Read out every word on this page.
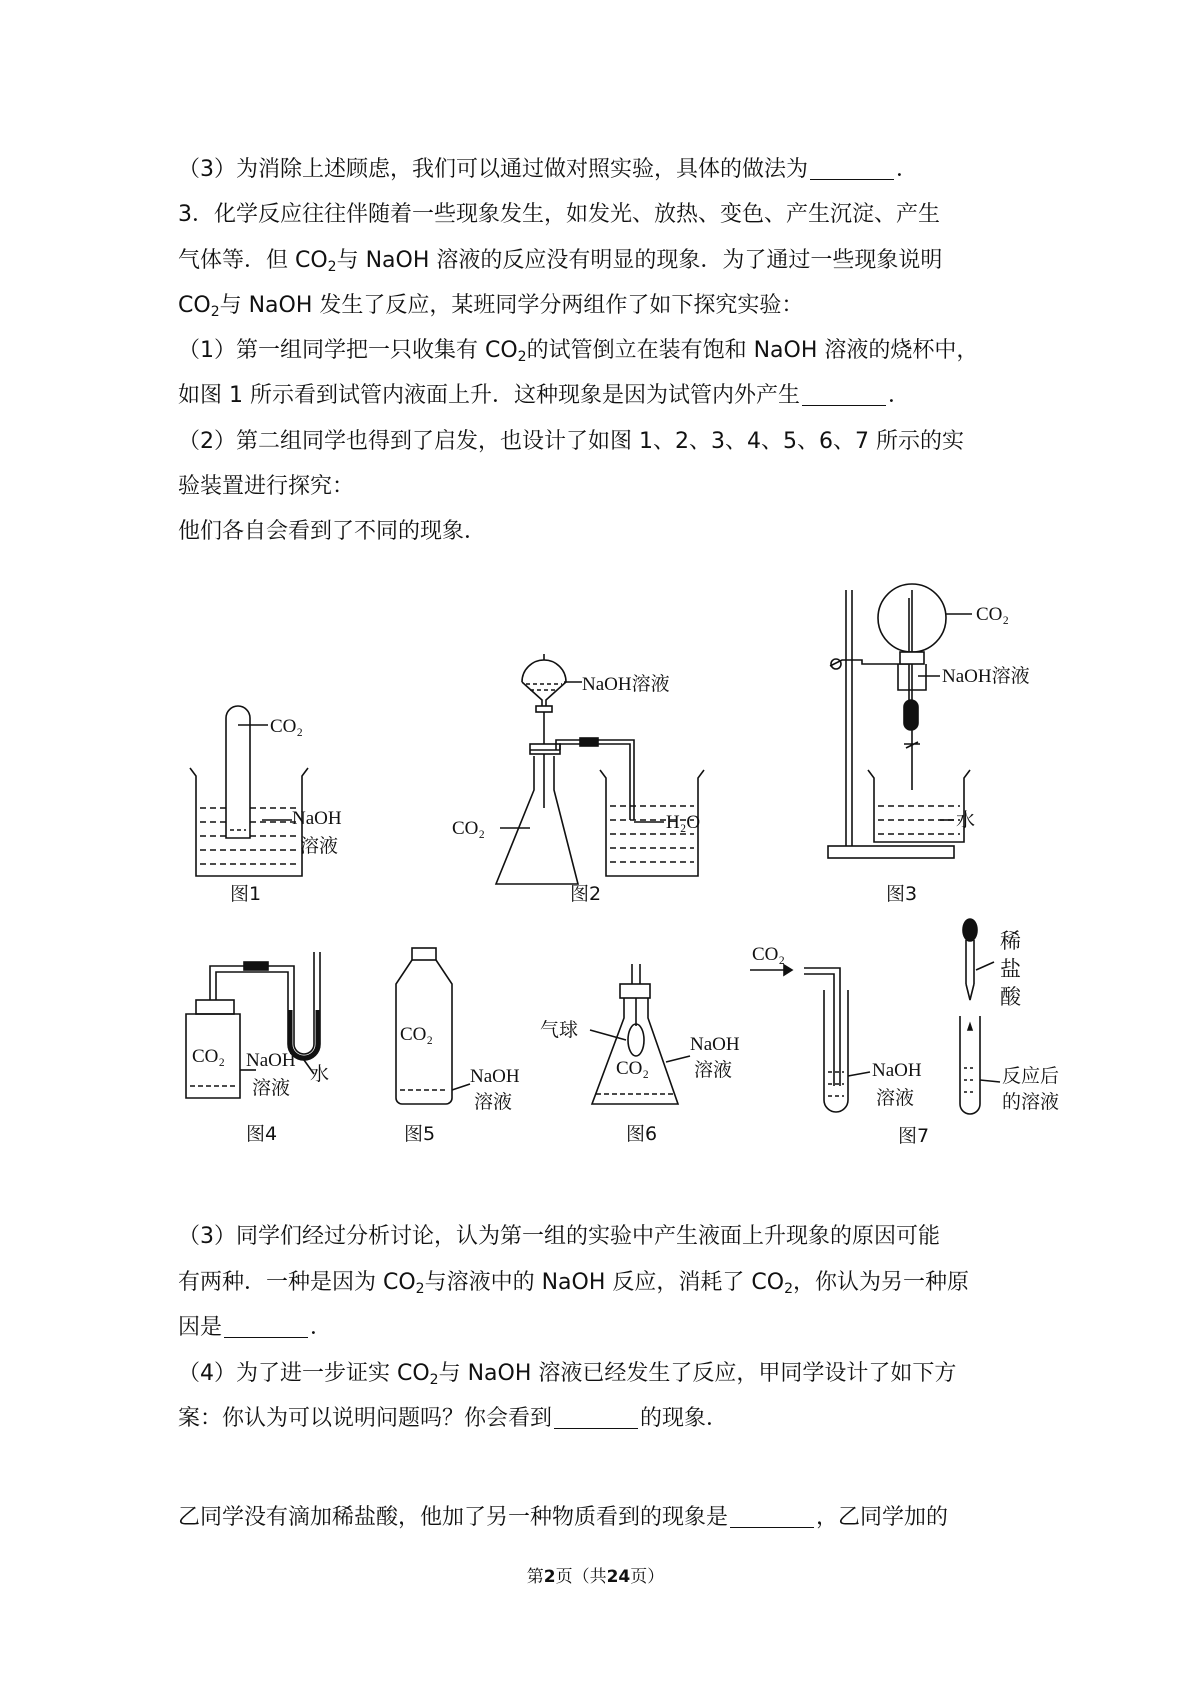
（3）为消除上述顾虑，我们可以通过做对照实验，具体的做法为	．
3．化学反应往往伴随着一些现象发生，如发光、放热、变色、产生沉淀、产生
气体等．但 $CO_2$与 NaOH 溶液的反应没有明显的现象．为了通过一些现象说明
$CO_2$与 NaOH 发生了反应，某班同学分两组作了如下探究实验：
（1）第一组同学把一只收集有 $CO_2$的试管倒立在装有饱和 NaOH 溶液的烧杯中，
如图 1 所示看到试管内液面上升．这种现象是因为试管内外产生	．
（2）第二组同学也得到了启发，也设计了如图 1、2、3、4、5、6、7 所示的实
验装置进行探究：
他们各自会看到了不同的现象．
CO₂
NaOH
溶液
图1
NaOH溶液
CO₂	H₂O
图2
CO₂
NaOH溶液
水
图3
CO₂ NaOH
溶液
水
图4
CO₂
NaOH
溶液
图5
气球
CO₂
NaOH
溶液
图6
CO₂
NaOH
溶液
稀
盐
酸
反应后
的溶液
图7
（3）同学们经过分析讨论，认为第一组的实验中产生液面上升现象的原因可能
有两种．一种是因为 $CO_2$与溶液中的 NaOH 反应，消耗了 $CO_2$，你认为另一种原
因是	．
（4）为了进一步证实 $CO_2$与 NaOH 溶液已经发生了反应，甲同学设计了如下方
案：你认为可以说明问题吗？你会看到	的现象．
乙同学没有滴加稀盐酸，他加了另一种物质看到的现象是	，乙同学加的
第2页（共24页）
